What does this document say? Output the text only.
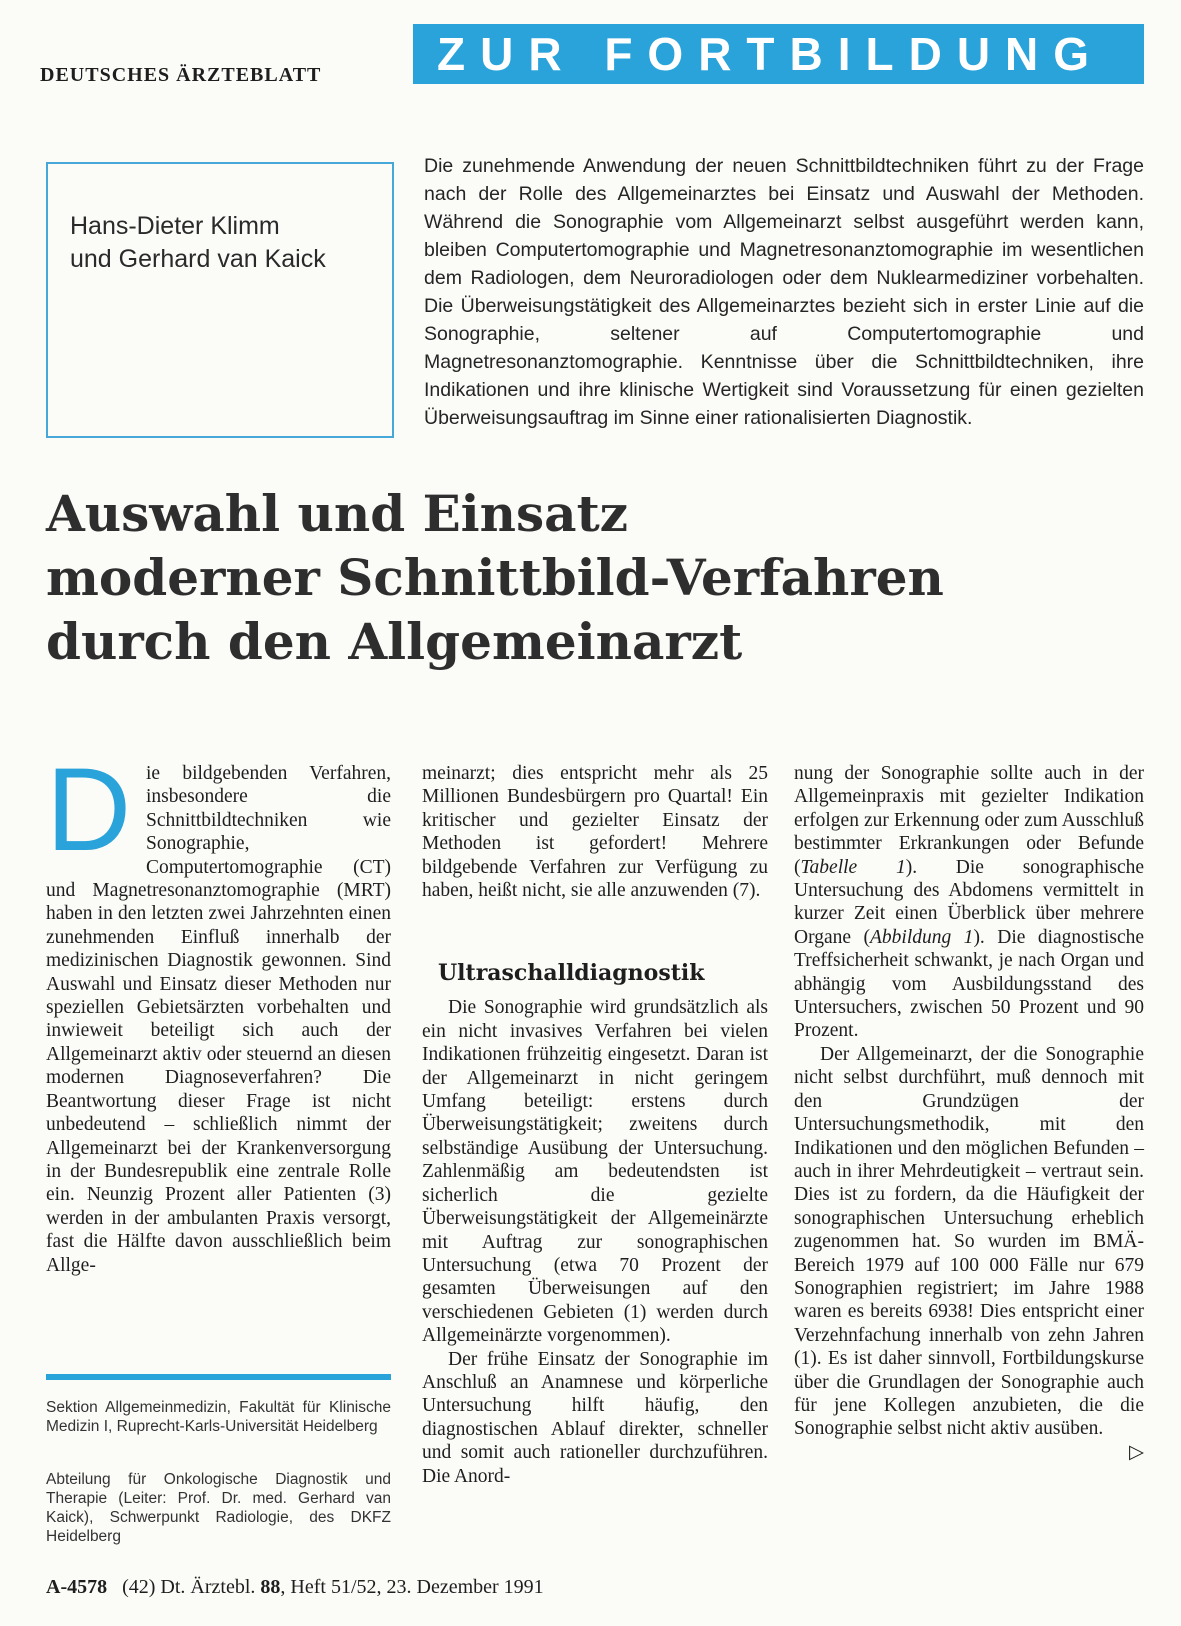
DEUTSCHES ÄRZTEBLATT	ZUR FORTBILDUNG
Hans-Dieter Klimm
und Gerhard van Kaick

Die zunehmende Anwendung der neuen Schnittbildtechniken führt zu der Frage nach der Rolle des Allgemeinarztes bei Einsatz und Auswahl der Methoden. Während die Sonographie vom Allgemeinarzt selbst ausgeführt werden kann, bleiben Computertomographie und Magnetresonanztomographie im wesentlichen dem Radiologen, dem Neuroradiologen oder dem Nuklearmediziner vorbehalten. Die Überweisungstätigkeit des Allgemeinarztes bezieht sich in erster Linie auf die Sonographie, seltener auf Computertomographie und Magnetresonanztomographie. Kenntnisse über die Schnittbildtechniken, ihre Indikationen und ihre klinische Wertigkeit sind Voraussetzung für einen gezielten Überweisungsauftrag im Sinne einer rationalisierten Diagnostik.

Auswahl und Einsatz
moderner Schnittbild-Verfahren
durch den Allgemeinarzt
D ie bildgebenden Verfahren, insbesondere die Schnittbildtechniken wie Sonographie, Computertomographie (CT) und Magnetresonanztomographie (MRT) haben in den letzten zwei Jahrzehnten einen zunehmenden Einfluß innerhalb der medizinischen Diagnostik gewonnen. Sind Auswahl und Einsatz dieser Methoden nur speziellen Gebietsärzten vorbehalten und inwieweit beteiligt sich auch der Allgemeinarzt aktiv oder steuernd an diesen modernen Diagnoseverfahren? Die Beantwortung dieser Frage ist nicht unbedeutend – schließlich nimmt der Allgemeinarzt bei der Krankenversorgung in der Bundesrepublik eine zentrale Rolle ein. Neunzig Prozent aller Patienten (3) werden in der ambulanten Praxis versorgt, fast die Hälfte davon ausschließlich beim Allge-

meinarzt; dies entspricht mehr als 25 Millionen Bundesbürgern pro Quartal! Ein kritischer und gezielter Einsatz der Methoden ist gefordert! Mehrere bildgebende Verfahren zur Verfügung zu haben, heißt nicht, sie alle anzuwenden (7).

Ultraschalldiagnostik

Die Sonographie wird grundsätzlich als ein nicht invasives Verfahren bei vielen Indikationen frühzeitig eingesetzt. Daran ist der Allgemeinarzt in nicht geringem Umfang beteiligt: erstens durch Überweisungstätigkeit; zweitens durch selbständige Ausübung der Untersuchung. Zahlenmäßig am bedeutendsten ist sicherlich die gezielte Überweisungstätigkeit der Allgemeinärzte mit Auftrag zur sonographischen Untersuchung (etwa 70 Prozent der gesamten Überweisungen auf den verschiedenen Gebieten (1) werden durch Allgemeinärzte vorgenommen).

Der frühe Einsatz der Sonographie im Anschluß an Anamnese und körperliche Untersuchung hilft häufig, den diagnostischen Ablauf direkter, schneller und somit auch rationeller durchzuführen. Die Anord-

nung der Sonographie sollte auch in der Allgemeinpraxis mit gezielter Indikation erfolgen zur Erkennung oder zum Ausschluß bestimmter Erkrankungen oder Befunde (Tabelle 1). Die sonographische Untersuchung des Abdomens vermittelt in kurzer Zeit einen Überblick über mehrere Organe (Abbildung 1). Die diagnostische Treffsicherheit schwankt, je nach Organ und abhängig vom Ausbildungsstand des Untersuchers, zwischen 50 Prozent und 90 Prozent.

Der Allgemeinarzt, der die Sonographie nicht selbst durchführt, muß dennoch mit den Grundzügen der Untersuchungsmethodik, mit den Indikationen und den möglichen Befunden – auch in ihrer Mehrdeutigkeit – vertraut sein. Dies ist zu fordern, da die Häufigkeit der sonographischen Untersuchung erheblich zugenommen hat. So wurden im BMÄ-Bereich 1979 auf 100 000 Fälle nur 679 Sonographien registriert; im Jahre 1988 waren es bereits 6938! Dies entspricht einer Verzehnfachung innerhalb von zehn Jahren (1). Es ist daher sinnvoll, Fortbildungskurse über die Grundlagen der Sonographie auch für jene Kollegen anzubieten, die die Sonographie selbst nicht aktiv ausüben.
▷

Sektion Allgemeinmedizin, Fakultät für Klinische Medizin I, Ruprecht-Karls-Universität Heidelberg

Abteilung für Onkologische Diagnostik und Therapie (Leiter: Prof. Dr. med. Gerhard van Kaick), Schwerpunkt Radiologie, des DKFZ Heidelberg

A-4578 (42) Dt. Ärztebl. 88, Heft 51/52, 23. Dezember 1991
